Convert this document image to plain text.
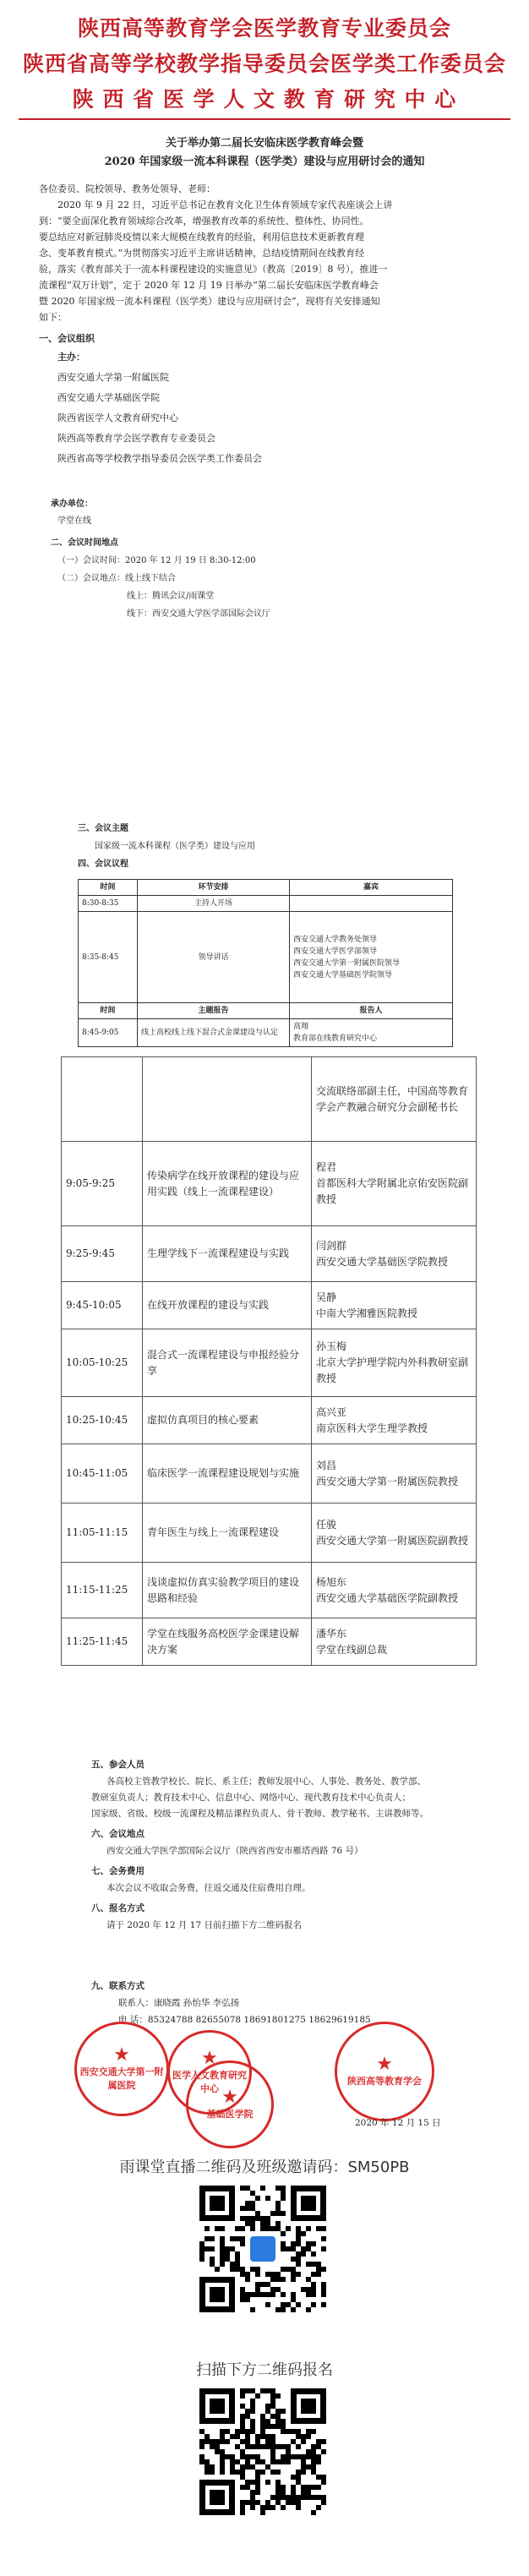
陕西高等教育学会医学教育专业委员会
陕西省高等学校教学指导委员会医学类工作委员会
陕 西 省 医 学 人 文 教 育 研 究 中 心
关于举办第二届长安临床医学教育峰会暨
2020 年国家级一流本科课程（医学类）建设与应用研讨会的通知
各位委员、院校领导、教务处领导、老师：
2020 年 9 月 22 日，习近平总书记在教育文化卫生体育领域专家代表座谈会上讲
到：“要全面深化教育领域综合改革，增强教育改革的系统性、整体性、协同性。
要总结应对新冠肺炎疫情以来大规模在线教育的经验，利用信息技术更新教育理
念、变革教育模式。”为贯彻落实习近平主席讲话精神，总结疫情期间在线教育经
验，落实《教育部关于一流本科课程建设的实施意见》（教高〔2019〕8 号），推进一
流课程“双万计划”，定于 2020 年 12 月 19 日举办“第二届长安临床医学教育峰会
暨 2020 年国家级一流本科课程（医学类）建设与应用研讨会”，现将有关安排通知
如下：
一、会议组织
主办：
西安交通大学第一附属医院
西安交通大学基础医学院
陕西省医学人文教育研究中心
陕西高等教育学会医学教育专业委员会
陕西省高等学校教学指导委员会医学类工作委员会
承办单位：
学堂在线
二、会议时间地点
（一）会议时间：2020 年 12 月 19 日 8:30-12:00
（二）会议地点：线上线下结合
线上：腾讯会议/雨课堂
线下：西安交通大学医学部国际会议厅
三、会议主题
国家级一流本科课程（医学类）建设与应用
四、会议议程
时间	环节安排	嘉宾
8:30-8:35	主持人开场	
8:35-8:45	领导讲话	西安交通大学教务处领导
西安交通大学医学部领导
西安交通大学第一附属医院领导
西安交通大学基础医学院领导
时间	主题报告	报告人
8:45-9:05	线上高校线上线下混合式金课建设与认定	高翔
教育部在线教育研究中心
		交流联络部副主任，中国高等教育学会产教融合研究分会副秘书长
9:05-9:25	传染病学在线开放课程的建设与应用实践（线上一流课程建设）	程君
首都医科大学附属北京佑安医院副教授
9:25-9:45	生理学线下一流课程建设与实践	闫剑群
西安交通大学基础医学院教授
9:45-10:05	在线开放课程的建设与实践	吴静
中南大学湘雅医院教授
10:05-10:25	混合式一流课程建设与申报经验分享	孙玉梅
北京大学护理学院内外科教研室副教授
10:25-10:45	虚拟仿真项目的核心要素	高兴亚
南京医科大学生理学教授
10:45-11:05	临床医学一流课程建设规划与实施	刘昌
西安交通大学第一附属医院教授
11:05-11:15	青年医生与线上一流课程建设	任骏
西安交通大学第一附属医院副教授
11:15-11:25	浅谈虚拟仿真实验教学项目的建设思路和经验	杨旭东
西安交通大学基础医学院副教授
11:25-11:45	学堂在线服务高校医学金课建设解决方案	潘华东
学堂在线副总裁
五、参会人员
各高校主管教学校长、院长、系主任；教师发展中心、人事处、教务处、教学部、
教研室负责人；教育技术中心、信息中心、网络中心、现代教育技术中心负责人；
国家级、省级、校级一流课程及精品课程负责人、骨干教师、教学秘书、主讲教师等。
六、会议地点
西安交通大学医学部国际会议厅（陕西省西安市雁塔西路 76 号）
七、会务费用
本次会议不收取会务费，往返交通及住宿费用自理。
八、报名方式
请于 2020 年 12 月 17 日前扫描下方二维码报名
九、联系方式
联系人：康晓霞 孙怡华 李弘扬
电 话：85324788 82655078 18691801275 18629619185
★
西安交通大学第一附属医院
★
医学人文教育研究中心 ★
基础医学院
★
陕西高等教育学会
2020 年 12 月 15 日
雨课堂直播二维码及班级邀请码：SM50PB
扫描下方二维码报名
